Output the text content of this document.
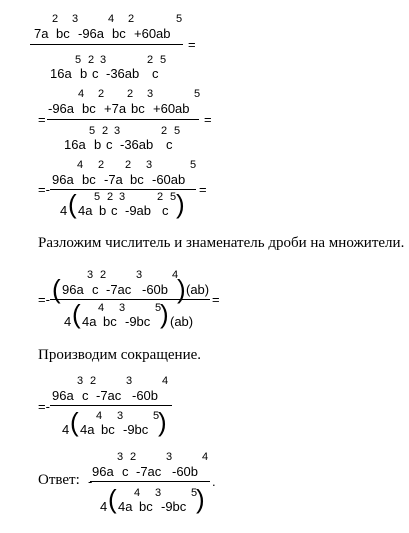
7a
2
bc
3
-96a
4
bc
2
+60ab
5
=
16a
5
b
2
c
3
-36ab
2
c
5
=
-96a
4
bc
2
+7a
2
bc
3
+60ab
5
=
16a
5
b
2
c
3
-36ab
2
c
5
=-
96a
4
bc
2
-7a
2
bc
3
-60ab
5
=
4 ( 4a
5
b
2
c
3
-9ab
2
c
5 )
Разложим числитель и знаменатель дроби на множители.
=- ( 96a
3
c
2
-7ac
3
-60b
4
) (ab)
=
4 ( 4a
4
bc
3
-9bc
5
) (ab)
Производим сокращение.
=-
96a
3
c
2
-7ac
3
-60b
4
4 ( 4a
4
bc
3
-9bc
5
)
Ответ: -
96a
3
c
2
-7ac
3
-60b
4
4 ( 4a
4
bc
3
-9bc
5
)
.
